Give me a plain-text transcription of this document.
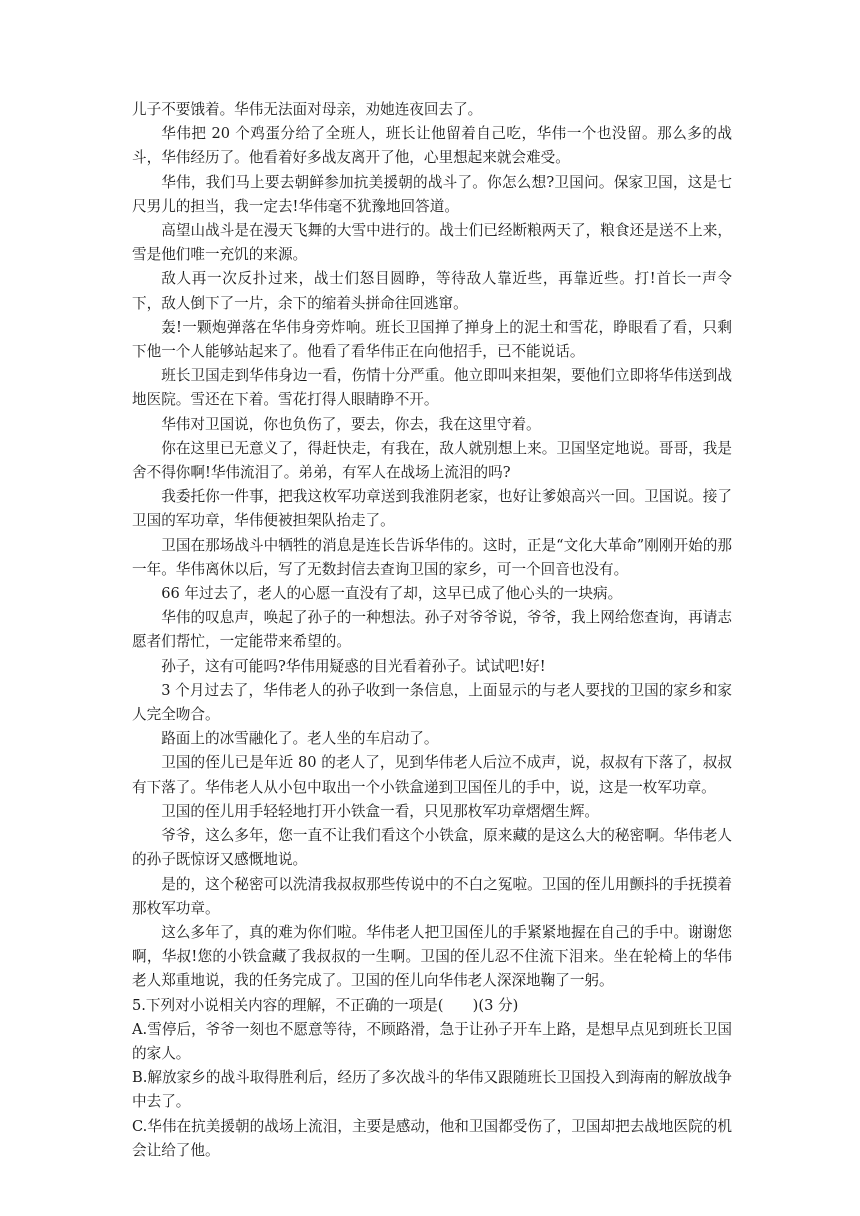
儿子不要饿着。华伟无法面对母亲，劝她连夜回去了。

华伟把 20 个鸡蛋分给了全班人，班长让他留着自己吃，华伟一个也没留。那么多的战斗，华伟经历了。他看着好多战友离开了他，心里想起来就会难受。

华伟，我们马上要去朝鲜参加抗美援朝的战斗了。你怎么想?卫国问。保家卫国，这是七尺男儿的担当，我一定去!华伟毫不犹豫地回答道。

高望山战斗是在漫天飞舞的大雪中进行的。战士们已经断粮两天了，粮食还是送不上来，雪是他们唯一充饥的来源。

敌人再一次反扑过来，战士们怒目圆睁，等待敌人靠近些，再靠近些。打!首长一声令下，敌人倒下了一片，余下的缩着头拼命往回逃窜。

轰!一颗炮弹落在华伟身旁炸响。班长卫国掸了掸身上的泥土和雪花，睁眼看了看，只剩下他一个人能够站起来了。他看了看华伟正在向他招手，已不能说话。

班长卫国走到华伟身边一看，伤情十分严重。他立即叫来担架，要他们立即将华伟送到战地医院。雪还在下着。雪花打得人眼睛睁不开。

华伟对卫国说，你也负伤了，要去，你去，我在这里守着。

你在这里已无意义了，得赶快走，有我在，敌人就别想上来。卫国坚定地说。哥哥，我是舍不得你啊!华伟流泪了。弟弟，有军人在战场上流泪的吗?

我委托你一件事，把我这枚军功章送到我淮阴老家，也好让爹娘高兴一回。卫国说。接了卫国的军功章，华伟便被担架队抬走了。

卫国在那场战斗中牺牲的消息是连长告诉华伟的。这时，正是“文化大革命”刚刚开始的那一年。华伟离休以后，写了无数封信去查询卫国的家乡，可一个回音也没有。

66 年过去了，老人的心愿一直没有了却，这早已成了他心头的一块病。

华伟的叹息声，唤起了孙子的一种想法。孙子对爷爷说，爷爷，我上网给您查询，再请志愿者们帮忙，一定能带来希望的。

孙子，这有可能吗?华伟用疑惑的目光看着孙子。试试吧!好!

3 个月过去了，华伟老人的孙子收到一条信息，上面显示的与老人要找的卫国的家乡和家人完全吻合。

路面上的冰雪融化了。老人坐的车启动了。

卫国的侄儿已是年近 80 的老人了，见到华伟老人后泣不成声，说，叔叔有下落了，叔叔有下落了。华伟老人从小包中取出一个小铁盒递到卫国侄儿的手中，说，这是一枚军功章。

卫国的侄儿用手轻轻地打开小铁盒一看，只见那枚军功章熠熠生辉。

爷爷，这么多年，您一直不让我们看这个小铁盒，原来藏的是这么大的秘密啊。华伟老人的孙子既惊讶又感慨地说。

是的，这个秘密可以洗清我叔叔那些传说中的不白之冤啦。卫国的侄儿用颤抖的手抚摸着那枚军功章。

这么多年了，真的难为你们啦。华伟老人把卫国侄儿的手紧紧地握在自己的手中。谢谢您啊，华叔!您的小铁盒藏了我叔叔的一生啊。卫国的侄儿忍不住流下泪来。坐在轮椅上的华伟老人郑重地说，我的任务完成了。卫国的侄儿向华伟老人深深地鞠了一躬。

5.下列对小说相关内容的理解，不正确的一项是(　　)(3 分)

A.雪停后，爷爷一刻也不愿意等待，不顾路滑，急于让孙子开车上路，是想早点见到班长卫国的家人。

B.解放家乡的战斗取得胜利后，经历了多次战斗的华伟又跟随班长卫国投入到海南的解放战争中去了。

C.华伟在抗美援朝的战场上流泪，主要是感动，他和卫国都受伤了，卫国却把去战地医院的机会让给了他。
